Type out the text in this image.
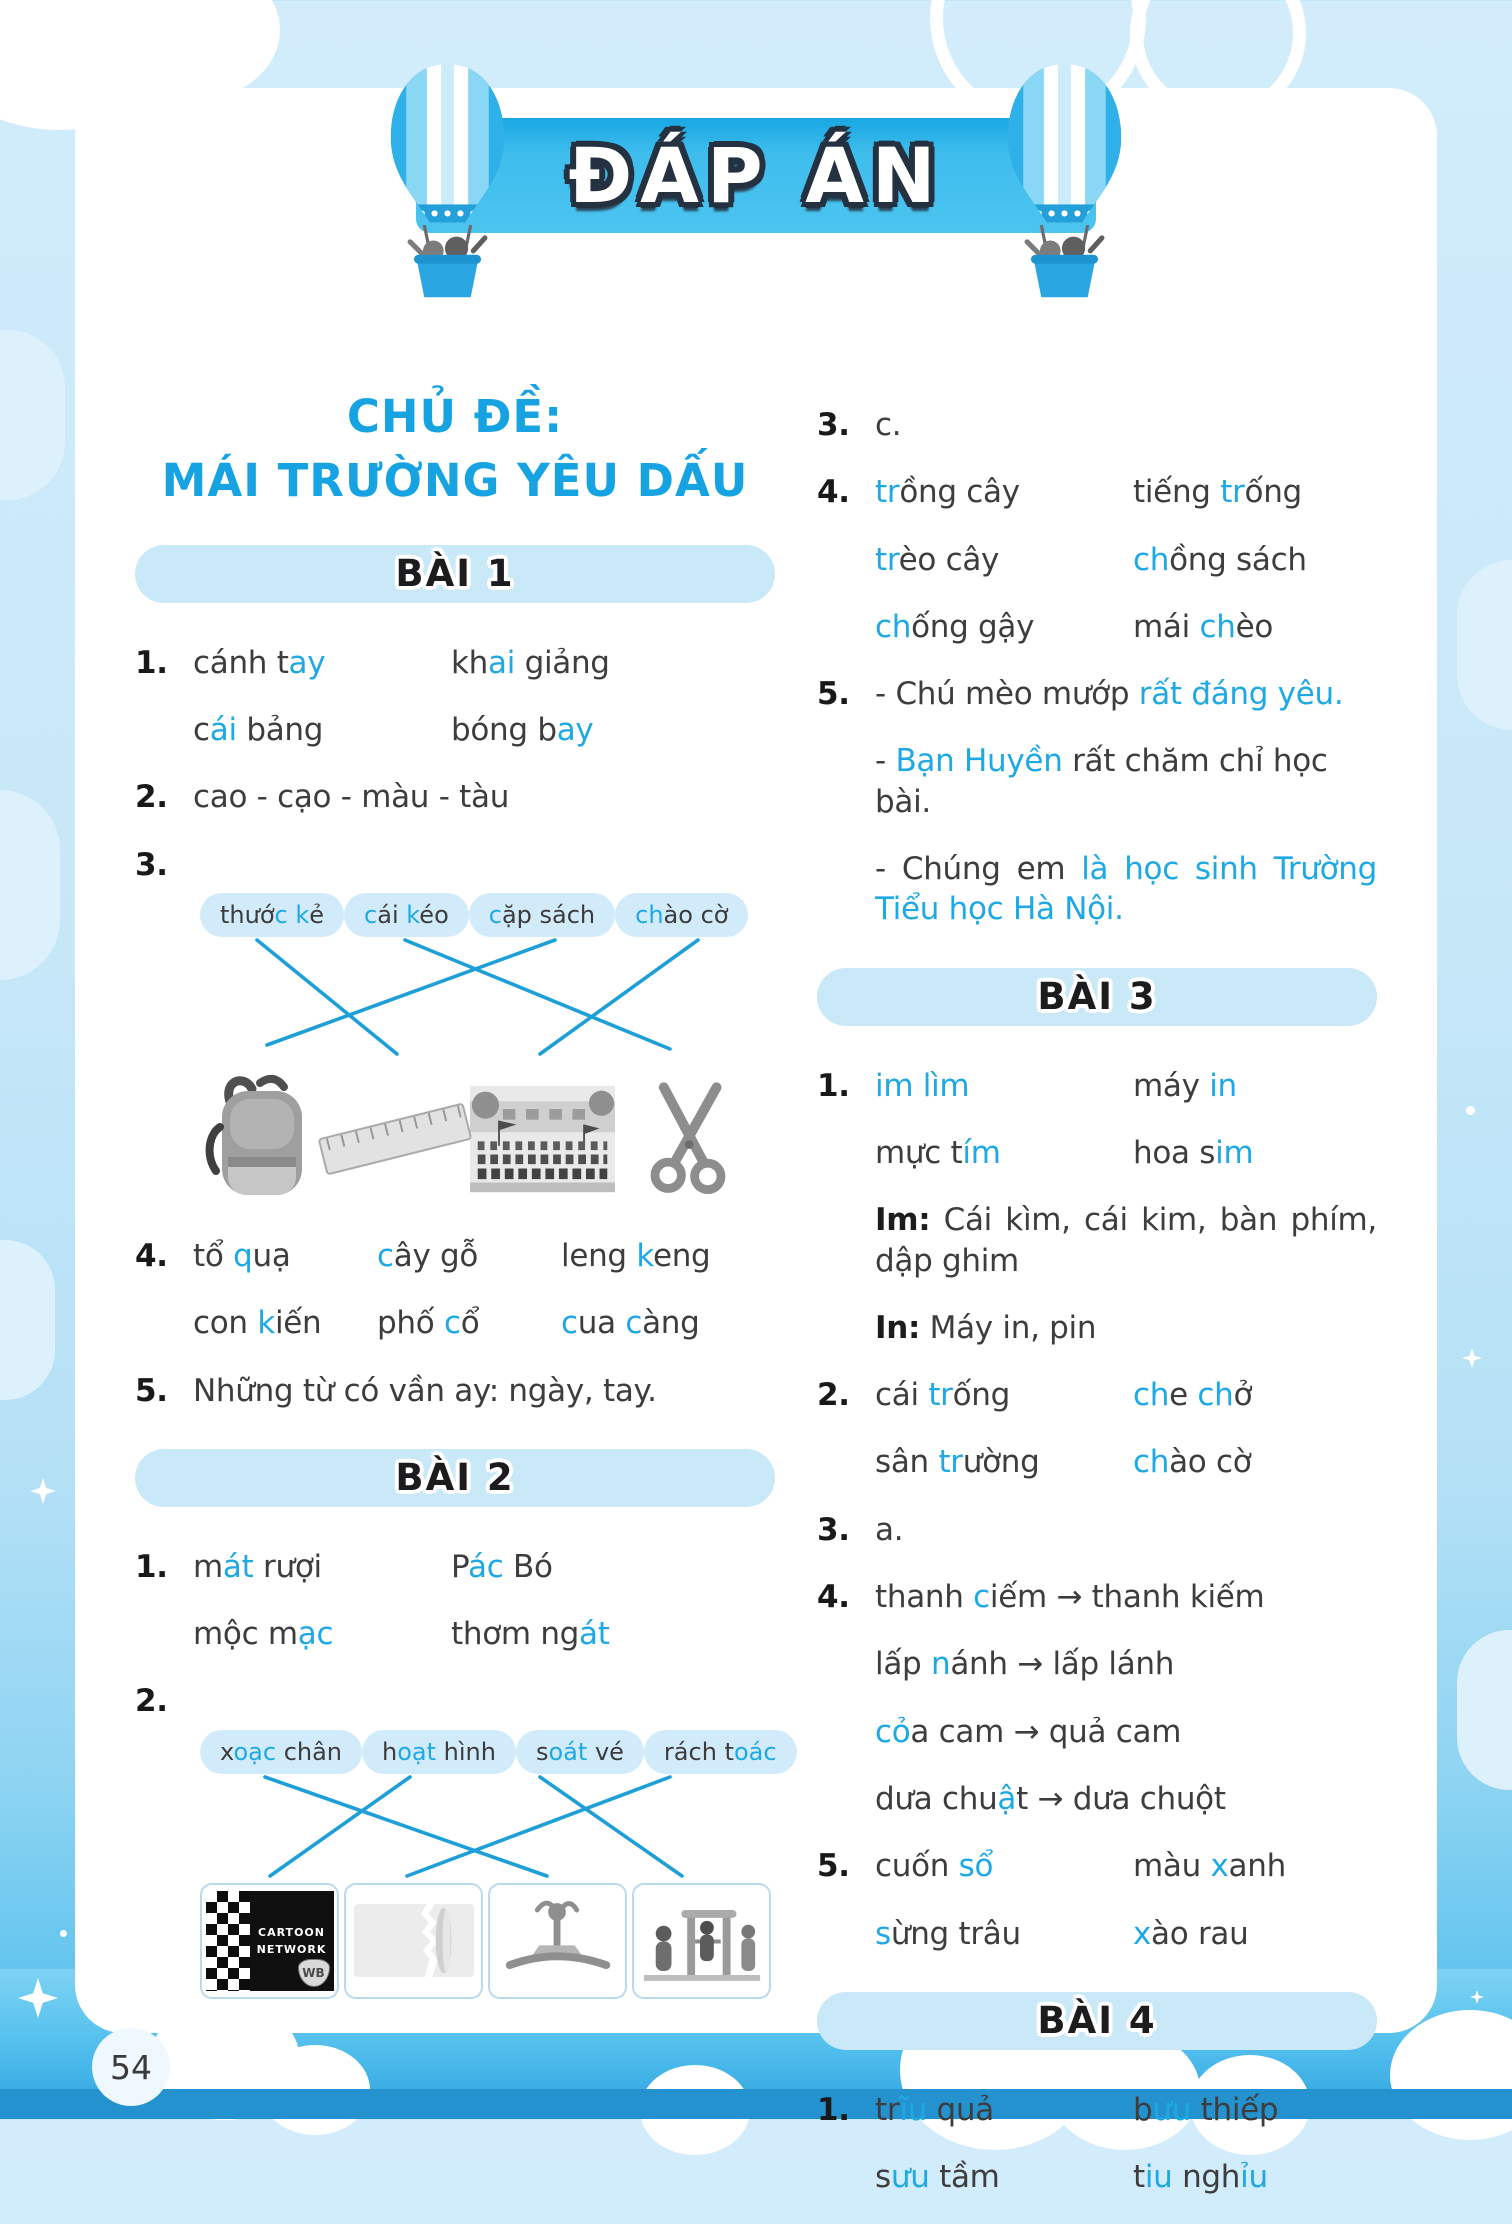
ĐÁP ÁN
CHỦ ĐỀ:
MÁI TRƯỜNG YÊU DẤU
BÀI 1
1. cánh tay	khai giảng
cái bảng	bóng bay
2. cao - cạo - màu - tàu
3.
thước kẻ	cái kéo	cặp sách	chào cờ
4. tổ quạ	cây gỗ	leng keng
con kiến	phố cổ	cua càng
5. Những từ có vần ay: ngày, tay.
BÀI 2
1. mát rượi	Pác Bó
mộc mạc	thơm ngát
2.
xoạc chân	hoạt hình	soát vé	rách toác
CARTOON
NETWORK
WB
3. c.
4. trồng cây	tiếng trống
trèo cây	chồng sách
chống gậy	mái chèo
5. - Chú mèo mướp rất đáng yêu.
- Bạn Huyền rất chăm chỉ học bài.
- Chúng em là học sinh Trường Tiểu học Hà Nội.
BÀI 3
1. im lìm	máy in
mực tím	hoa sim
Im: Cái kìm, cái kim, bàn phím, dập ghim
In: Máy in, pin
2. cái trống	che chở
sân trường	chào cờ
3. a.
4. thanh ciếm → thanh kiếm
lấp nánh → lấp lánh
cỏa cam → quả cam
dưa chuật → dưa chuột
5. cuốn sổ	màu xanh
sừng trâu	xào rau
BÀI 4
1. trĩu quả	bưu thiếp
sưu tầm	tiu nghỉu
54
